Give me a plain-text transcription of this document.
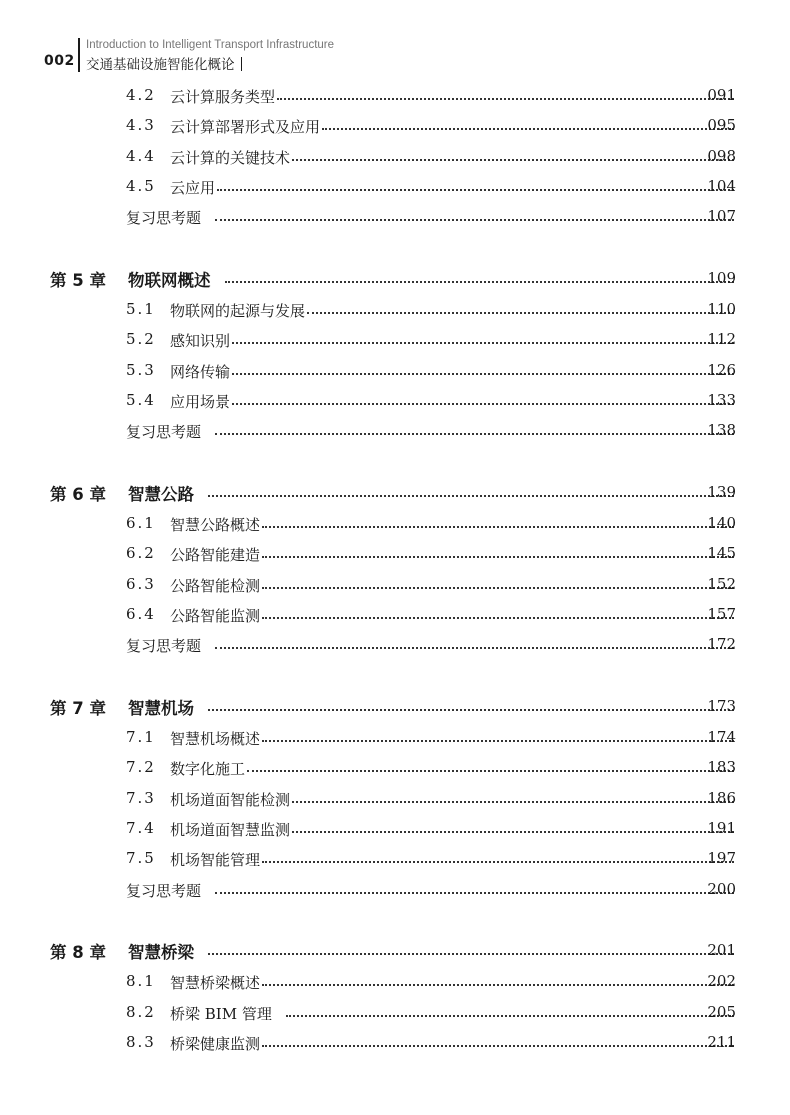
002
Introduction to Intelligent Transport Infrastructure
交通基础设施智能化概论
4.2 云计算服务类型	091
4.3 云计算部署形式及应用	095
4.4 云计算的关键技术	098
4.5 云应用	104
复习思考题	107
第 5 章 物联网概述	109
5.1 物联网的起源与发展	110
5.2 感知识别	112
5.3 网络传输	126
5.4 应用场景	133
复习思考题	138
第 6 章 智慧公路	139
6.1 智慧公路概述	140
6.2 公路智能建造	145
6.3 公路智能检测	152
6.4 公路智能监测	157
复习思考题	172
第 7 章 智慧机场	173
7.1 智慧机场概述	174
7.2 数字化施工	183
7.3 机场道面智能检测	186
7.4 机场道面智慧监测	191
7.5 机场智能管理	197
复习思考题	200
第 8 章 智慧桥梁	201
8.1 智慧桥梁概述	202
8.2 桥梁 BIM 管理	205
8.3 桥梁健康监测	211
